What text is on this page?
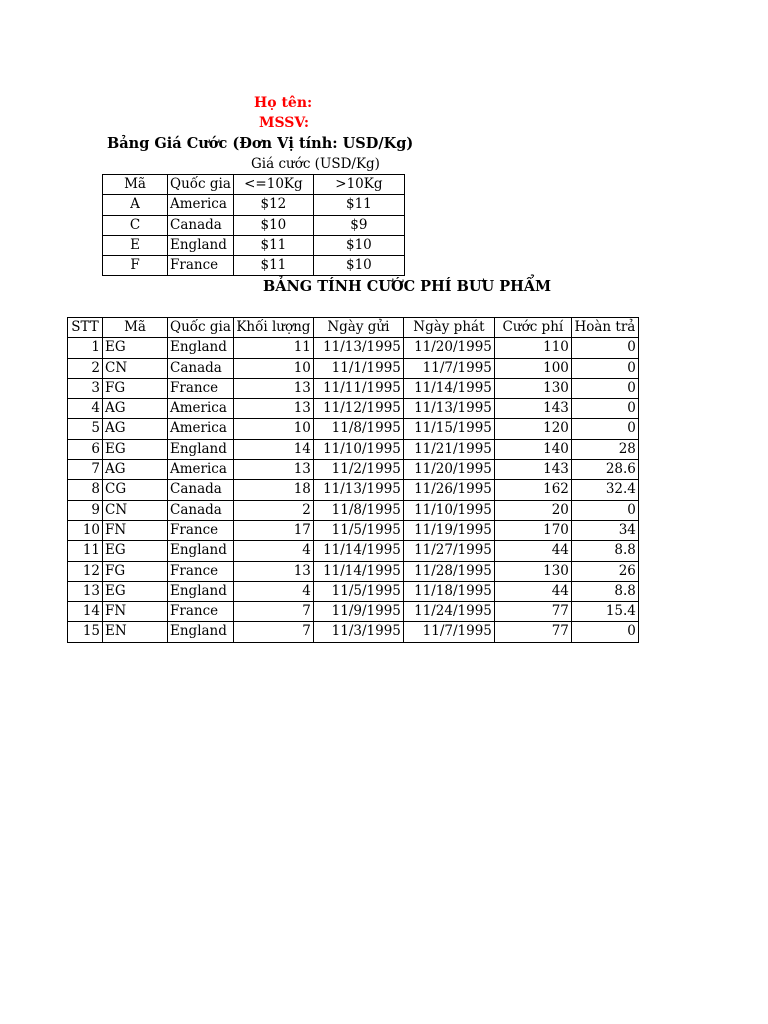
Họ tên:
MSSV:
Bảng Giá Cước (Đơn Vị tính: USD/Kg)
Giá cước (USD/Kg)
Mã	Quốc gia	<=10Kg	>10Kg
A	America	$12	$11
C	Canada	$10	$9
E	England	$11	$10
F	France	$11	$10
BẢNG TÍNH CƯỚC PHÍ BƯU PHẨM
STT	Mã	Quốc gia	Khối lượng	Ngày gửi	Ngày phát	Cước phí	Hoàn trả
1	EG	England	11	11/13/1995	11/20/1995	110	0
2	CN	Canada	10	11/1/1995	11/7/1995	100	0
3	FG	France	13	11/11/1995	11/14/1995	130	0
4	AG	America	13	11/12/1995	11/13/1995	143	0
5	AG	America	10	11/8/1995	11/15/1995	120	0
6	EG	England	14	11/10/1995	11/21/1995	140	28
7	AG	America	13	11/2/1995	11/20/1995	143	28.6
8	CG	Canada	18	11/13/1995	11/26/1995	162	32.4
9	CN	Canada	2	11/8/1995	11/10/1995	20	0
10	FN	France	17	11/5/1995	11/19/1995	170	34
11	EG	England	4	11/14/1995	11/27/1995	44	8.8
12	FG	France	13	11/14/1995	11/28/1995	130	26
13	EG	England	4	11/5/1995	11/18/1995	44	8.8
14	FN	France	7	11/9/1995	11/24/1995	77	15.4
15	EN	England	7	11/3/1995	11/7/1995	77	0
